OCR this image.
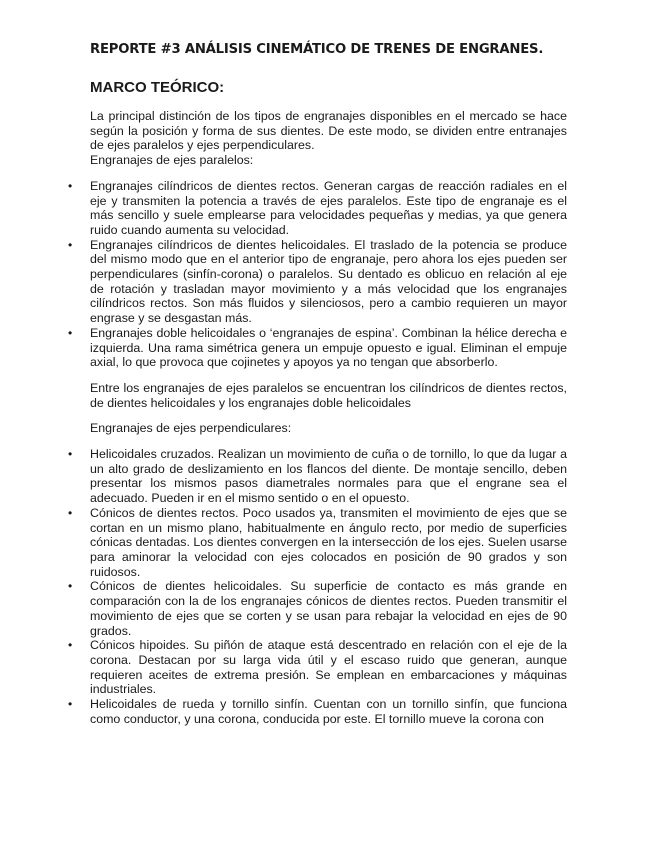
REPORTE #3 ANÁLISIS CINEMÁTICO DE TRENES DE ENGRANES.
MARCO TEÓRICO:

La principal distinción de los tipos de engranajes disponibles en el mercado se hace según la posición y forma de sus dientes. De este modo, se dividen entre entranajes de ejes paralelos y ejes perpendiculares.

Engranajes de ejes paralelos:

• Engranajes cilíndricos de dientes rectos. Generan cargas de reacción radiales en el eje y transmiten la potencia a través de ejes paralelos. Este tipo de engranaje es el más sencillo y suele emplearse para velocidades pequeñas y medias, ya que genera ruido cuando aumenta su velocidad.
• Engranajes cilíndricos de dientes helicoidales. El traslado de la potencia se produce del mismo modo que en el anterior tipo de engranaje, pero ahora los ejes pueden ser perpendiculares (sinfín-corona) o paralelos. Su dentado es oblicuo en relación al eje de rotación y trasladan mayor movimiento y a más velocidad que los engranajes cilíndricos rectos. Son más fluidos y silenciosos, pero a cambio requieren un mayor engrase y se desgastan más.
• Engranajes doble helicoidales o ‘engranajes de espina’. Combinan la hélice derecha e izquierda. Una rama simétrica genera un empuje opuesto e igual. Eliminan el empuje axial, lo que provoca que cojinetes y apoyos ya no tengan que absorberlo.

Entre los engranajes de ejes paralelos se encuentran los cilíndricos de dientes rectos, de dientes helicoidales y los engranajes doble helicoidales

Engranajes de ejes perpendiculares:

• Helicoidales cruzados. Realizan un movimiento de cuña o de tornillo, lo que da lugar a un alto grado de deslizamiento en los flancos del diente. De montaje sencillo, deben presentar los mismos pasos diametrales normales para que el engrane sea el adecuado. Pueden ir en el mismo sentido o en el opuesto.
• Cónicos de dientes rectos. Poco usados ya, transmiten el movimiento de ejes que se cortan en un mismo plano, habitualmente en ángulo recto, por medio de superficies cónicas dentadas. Los dientes convergen en la intersección de los ejes. Suelen usarse para aminorar la velocidad con ejes colocados en posición de 90 grados y son ruidosos.
• Cónicos de dientes helicoidales. Su superficie de contacto es más grande en comparación con la de los engranajes cónicos de dientes rectos. Pueden transmitir el movimiento de ejes que se corten y se usan para rebajar la velocidad en ejes de 90 grados.
• Cónicos hipoides. Su piñón de ataque está descentrado en relación con el eje de la corona. Destacan por su larga vida útil y el escaso ruido que generan, aunque requieren aceites de extrema presión. Se emplean en embarcaciones y máquinas industriales.
• Helicoidales de rueda y tornillo sinfín. Cuentan con un tornillo sinfín, que funciona como conductor, y una corona, conducida por este. El tornillo mueve la corona con
